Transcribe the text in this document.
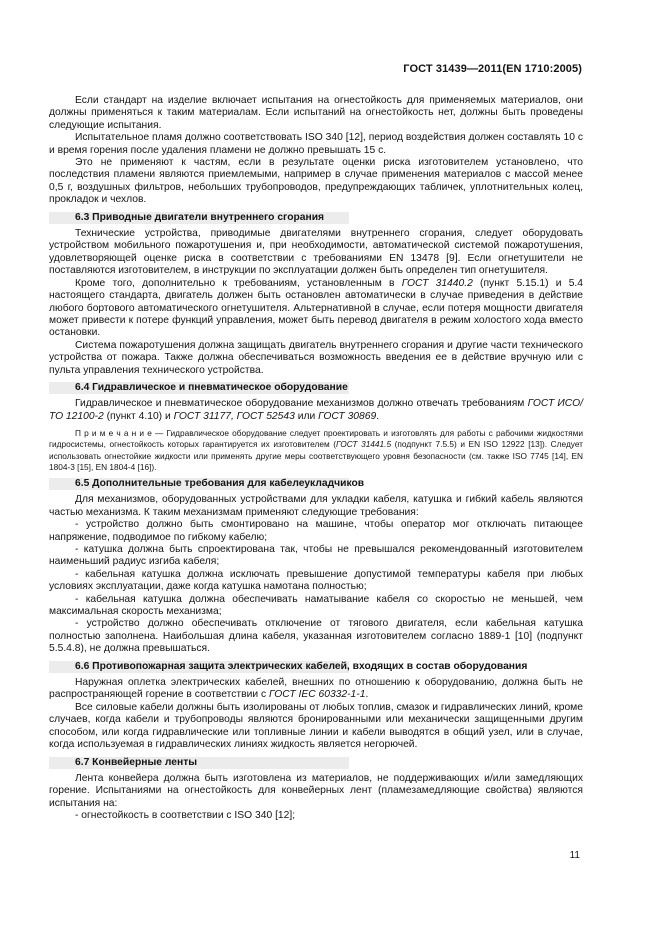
ГОСТ 31439—2011(EN 1710:2005)

Если стандарт на изделие включает испытания на огнестойкость для применяемых материалов, они должны применяться к таким материалам. Если испытаний на огнестойкость нет, должны быть проведены следующие испытания.

Испытательное пламя должно соответствовать ISO 340 [12], период воздействия должен составлять 10 с и время горения после удаления пламени не должно превышать 15 с.

Это не применяют к частям, если в результате оценки риска изготовителем установлено, что последствия пламени являются приемлемыми, например в случае применения материалов с массой менее 0,5 г, воздушных фильтров, небольших трубопроводов, предупреждающих табличек, уплотнительных колец, прокладок и чехлов.

6.3 Приводные двигатели внутреннего сгорания

Технические устройства, приводимые двигателями внутреннего сгорания, следует оборудовать устройством мобильного пожаротушения и, при необходимости, автоматической системой пожаротушения, удовлетворяющей оценке риска в соответствии с требованиями EN 13478 [9]. Если огнетушители не поставляются изготовителем, в инструкции по эксплуатации должен быть определен тип огнетушителя.

Кроме того, дополнительно к требованиям, установленным в ГОСТ 31440.2 (пункт 5.15.1) и 5.4 настоящего стандарта, двигатель должен быть остановлен автоматически в случае приведения в действие любого бортового автоматического огнетушителя. Альтернативной в случае, если потеря мощности двигателя может привести к потере функций управления, может быть перевод двигателя в режим холостого хода вместо остановки.

Система пожаротушения должна защищать двигатель внутреннего сгорания и другие части технического устройства от пожара. Также должна обеспечиваться возможность введения ее в действие вручную или с пульта управления технического устройства.

6.4 Гидравлическое и пневматическое оборудование

Гидравлическое и пневматическое оборудование механизмов должно отвечать требованиям ГОСТ ИСО/ТО 12100-2 (пункт 4.10) и ГОСТ 31177, ГОСТ 52543 или ГОСТ 30869.

П р и м е ч а н и е — Гидравлическое оборудование следует проектировать и изготовлять для работы с рабочими жидкостями гидросистемы, огнестойкость которых гарантируется их изготовителем (ГОСТ 31441.5 (подпункт 7.5.5) и EN ISO 12922 [13]). Следует использовать огнестойкие жидкости или применять другие меры соответствующего уровня безопасности (см. также ISO 7745 [14], EN 1804-3 [15], EN 1804-4 [16]).

6.5 Дополнительные требования для кабелеукладчиков

Для механизмов, оборудованных устройствами для укладки кабеля, катушка и гибкий кабель являются частью механизма. К таким механизмам применяют следующие требования:

- устройство должно быть смонтировано на машине, чтобы оператор мог отключать питающее напряжение, подводимое по гибкому кабелю;

- катушка должна быть спроектирована так, чтобы не превышался рекомендованный изготовителем наименьший радиус изгиба кабеля;

- кабельная катушка должна исключать превышение допустимой температуры кабеля при любых условиях эксплуатации, даже когда катушка намотана полностью;

- кабельная катушка должна обеспечивать наматывание кабеля со скоростью не меньшей, чем максимальная скорость механизма;

- устройство должно обеспечивать отключение от тягового двигателя, если кабельная катушка полностью заполнена. Наибольшая длина кабеля, указанная изготовителем согласно 1889-1 [10] (подпункт 5.5.4.8), не должна превышаться.

6.6 Противопожарная защита электрических кабелей, входящих в состав оборудования

Наружная оплетка электрических кабелей, внешних по отношению к оборудованию, должна быть не распространяющей горение в соответствии с ГОСТ IEC 60332-1-1.

Все силовые кабели должны быть изолированы от любых топлив, смазок и гидравлических линий, кроме случаев, когда кабели и трубопроводы являются бронированными или механически защищенными другим способом, или когда гидравлические или топливные линии и кабели выводятся в общий узел, или в случае, когда используемая в гидравлических линиях жидкость является негорючей.

6.7 Конвейерные ленты

Лента конвейера должна быть изготовлена из материалов, не поддерживающих и/или замедляющих горение. Испытаниями на огнестойкость для конвейерных лент (пламезамедляющие свойства) являются испытания на:

- огнестойкость в соответствии с ISO 340 [12];

11
